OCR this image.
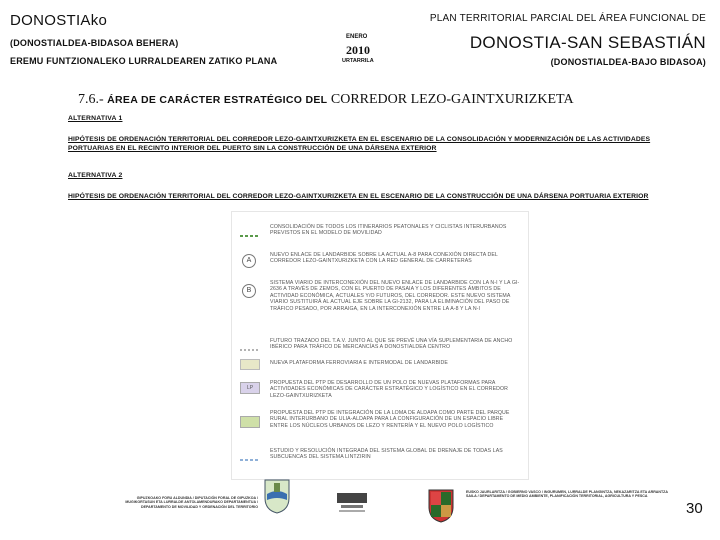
DONOSTIAko
(DONOSTIALDEA-BIDASOA BEHERA)
EREMU FUNTZIONALEKO LURRALDEAREN ZATIKO PLANA
ENERO
2010
URTARRILA
PLAN TERRITORIAL PARCIAL DEL ÁREA FUNCIONAL DE
DONOSTIA-SAN SEBASTIÁN
(DONOSTIALDEA-BAJO BIDASOA)
7.6.- ÁREA DE CARÁCTER ESTRATÉGICO DEL CORREDOR LEZO-GAINTXURIZKETA
ALTERNATIVA 1
HIPÓTESIS DE ORDENACIÓN TERRITORIAL DEL CORREDOR LEZO-GAINTXURIZKETA EN EL ESCENARIO DE LA CONSOLIDACIÓN Y MODERNIZACIÓN DE LAS ACTIVIDADES PORTUARIAS EN EL RECINTO INTERIOR DEL PUERTO SIN LA CONSTRUCCIÓN DE UNA DÁRSENA EXTERIOR
ALTERNATIVA 2
HIPÓTESIS DE ORDENACIÓN TERRITORIAL DEL CORREDOR LEZO-GAINTXURIZKETA EN EL ESCENARIO DE LA CONSTRUCCIÓN DE UNA DÁRSENA PORTUARIA EXTERIOR
CONSOLIDACIÓN DE TODOS LOS ITINERARIOS PEATONALES Y CICLISTAS INTERURBANOS PREVISTOS EN EL MODELO DE MOVILIDAD
A
NUEVO ENLACE DE LANDARBIDE SOBRE LA ACTUAL A-8 PARA CONEXIÓN DIRECTA DEL CORREDOR LEZO-GAINTXURIZKETA CON LA RED GENERAL DE CARRETERAS
B
SISTEMA VIARIO DE INTERCONEXIÓN DEL NUEVO ENLACE DE LANDARBIDE CON LA N-I Y LA GI-2636 A TRAVÉS DE ZEMOS, CON EL PUERTO DE PASAIA Y LOS DIFERENTES ÁMBITOS DE ACTIVIDAD ECONÓMICA, ACTUALES Y/O FUTUROS, DEL CORREDOR. ESTE NUEVO SISTEMA VIARIO SUSTITUIRÁ AL ACTUAL EJE SOBRE LA GI-2132, PARA LA ELIMINACIÓN DEL PASO DE TRÁFICO PESADO, POR ARRAIGA, EN LA INTERCONEXIÓN ENTRE LA A-8 Y LA N-I
FUTURO TRAZADO DEL T.A.V. JUNTO AL QUE SE PREVÉ UNA VÍA SUPLEMENTARIA DE ANCHO IBÉRICO PARA TRÁFICO DE MERCANCÍAS A DONOSTIALDEA CENTRO
NUEVA PLATAFORMA FERROVIARIA E INTERMODAL DE LANDARBIDE
LP
PROPUESTA DEL PTP DE DESARROLLO DE UN POLO DE NUEVAS PLATAFORMAS PARA ACTIVIDADES ECONÓMICAS DE CARÁCTER ESTRATÉGICO Y LOGÍSTICO EN EL CORREDOR LEZO-GAINTXURIZKETA
PROPUESTA DEL PTP DE INTEGRACIÓN DE LA LOMA DE ALDAPA COMO PARTE DEL PARQUE RURAL INTERURBANO DE ULIA-ALDAPA PARA LA CONFIGURACIÓN DE UN ESPACIO LIBRE ENTRE LOS NÚCLEOS URBANOS DE LEZO Y RENTERÍA Y EL NUEVO POLO LOGÍSTICO
ESTUDIO Y RESOLUCIÓN INTEGRADA DEL SISTEMA GLOBAL DE DRENAJE DE TODAS LAS SUBCUENCAS DEL SISTEMA LINTZIRIN
GIPUZKOAKO FORU ALDUNDIA / DIPUTACIÓN FORAL DE GIPUZKOA / MUGIKORTASUN ETA LURRALDE ANTOLAMENDURAKO DEPARTAMENTUA / DEPARTAMENTO DE MOVILIDAD Y ORDENACIÓN DEL TERRITORIO
EUSKO JAURLARITZA / GOBIERNO VASCO / INGURUMEN, LURRALDE PLANGINTZA, NEKAZARITZA ETA ARRANTZA SAILA / DEPARTAMENTO DE MEDIO AMBIENTE, PLANIFICACIÓN TERRITORIAL, AGRICULTURA Y PESCA
30
